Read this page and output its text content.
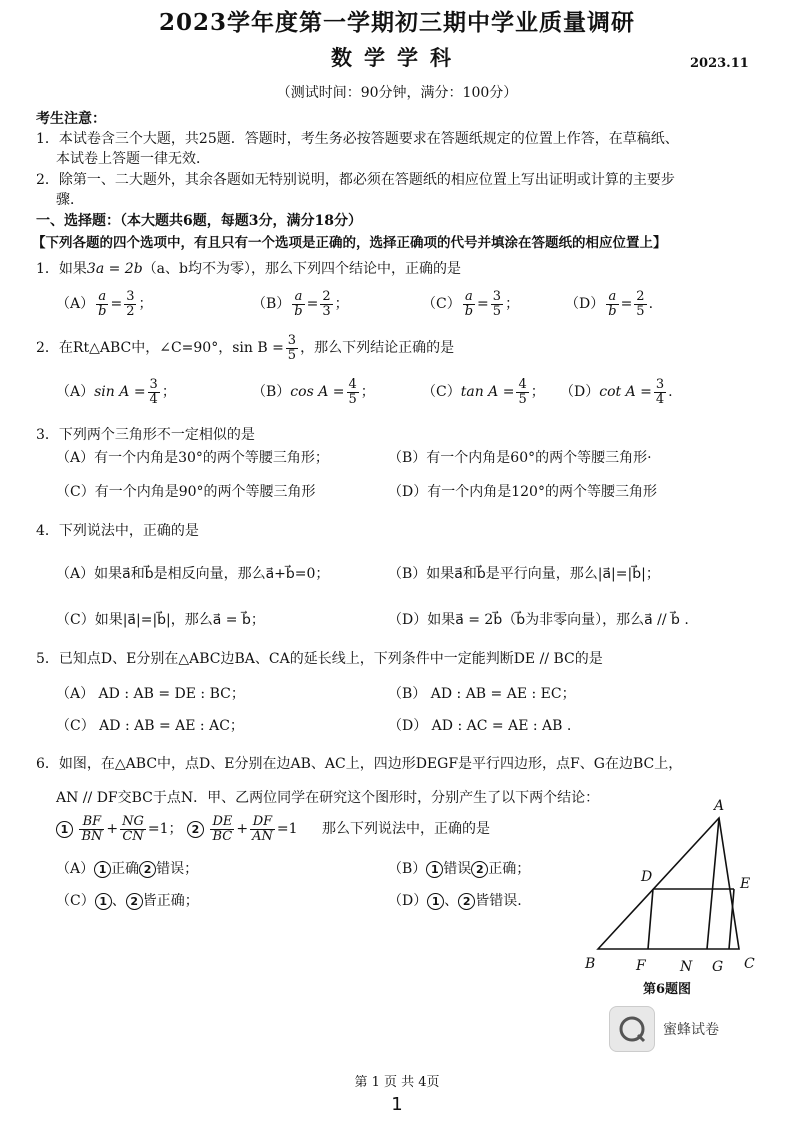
2023学年度第一学期初三期中学业质量调研
数学学科	2023.11
（测试时间：90分钟，满分：100分）
考生注意：
1．本试卷含三个大题，共25题．答题时，考生务必按答题要求在答题纸规定的位置上作答，在草稿纸、
本试卷上答题一律无效．
2．除第一、二大题外，其余各题如无特别说明，都必须在答题纸的相应位置上写出证明或计算的主要步
骤．
一、选择题：（本大题共6题，每题3分，满分18分）
【下列各题的四个选项中，有且只有一个选项是正确的，选择正确项的代号并填涂在答题纸的相应位置上】
1．如果3a = 2b（a、b均不为零），那么下列四个结论中，正确的是
$(A) \frac{a}{b} = \frac{3}{2}$ ；	$(B) \frac{a}{b} = \frac{2}{3}$ ；	$(C) \frac{a}{b} = \frac{3}{5}$ ；	$(D) \frac{a}{b} = \frac{2}{5}$ .
2．在Rt△ABC中，∠C=90°，$\sin B = \frac{3}{5}$ ，那么下列结论正确的是
（A）sin $A = \frac{3}{4}$ ；	（B）cos $A = \frac{4}{5}$ ；	（C）tan $A = \frac{4}{5}$ ； （D）cot $A = \frac{3}{4}$ .
3．下列两个三角形不一定相似的是
（A）有一个内角是30°的两个等腰三角形；	（B）有一个内角是60°的两个等腰三角形·
（C）有一个内角是90°的两个等腰三角形	（D）有一个内角是120°的两个等腰三角形
4．下列说法中，正确的是
（A）如果a⃗和b⃗是相反向量，那么a⃗+b⃗=0；	（B）如果a⃗和b⃗是平行向量，那么|a⃗|=|b⃗|；
（C）如果|a⃗|=|b⃗|，那么a⃗ = b⃗；	（D）如果a⃗ = 2b⃗（b⃗为非零向量），那么a⃗ // b⃗ .
5．已知点D、E分别在△ABC边BA、CA的延长线上，下列条件中一定能判断DE // BC的是
（A） AD : AB = DE : BC；	（B） AD : AB = AE : EC；
（C） AD : AB = AE : AC；	（D） AD : AC = AE : AB .
6．如图，在△ABC中，点D、E分别在边AB、AC上，四边形DEGF是平行四边形，点F、G在边BC上，
AN // DF交BC于点N．甲、乙两位同学在研究这个图形时，分别产生了以下两个结论：
$1 \frac{BF}{BN} + \frac{NG}{CN} =1$； $2 \frac{DE}{BC} + \frac{DF}{AN} =1$ 那么下列说法中，正确的是
（A） 1 正确 2 错误；	（B） 1 错误 2 正确；
（C） 1 、 2 皆正确；	（D） 1 、 2 皆错误.
A
D	E
B	F N G C
第6题图
蜜蜂试卷
第 1 页 共 4页
1
